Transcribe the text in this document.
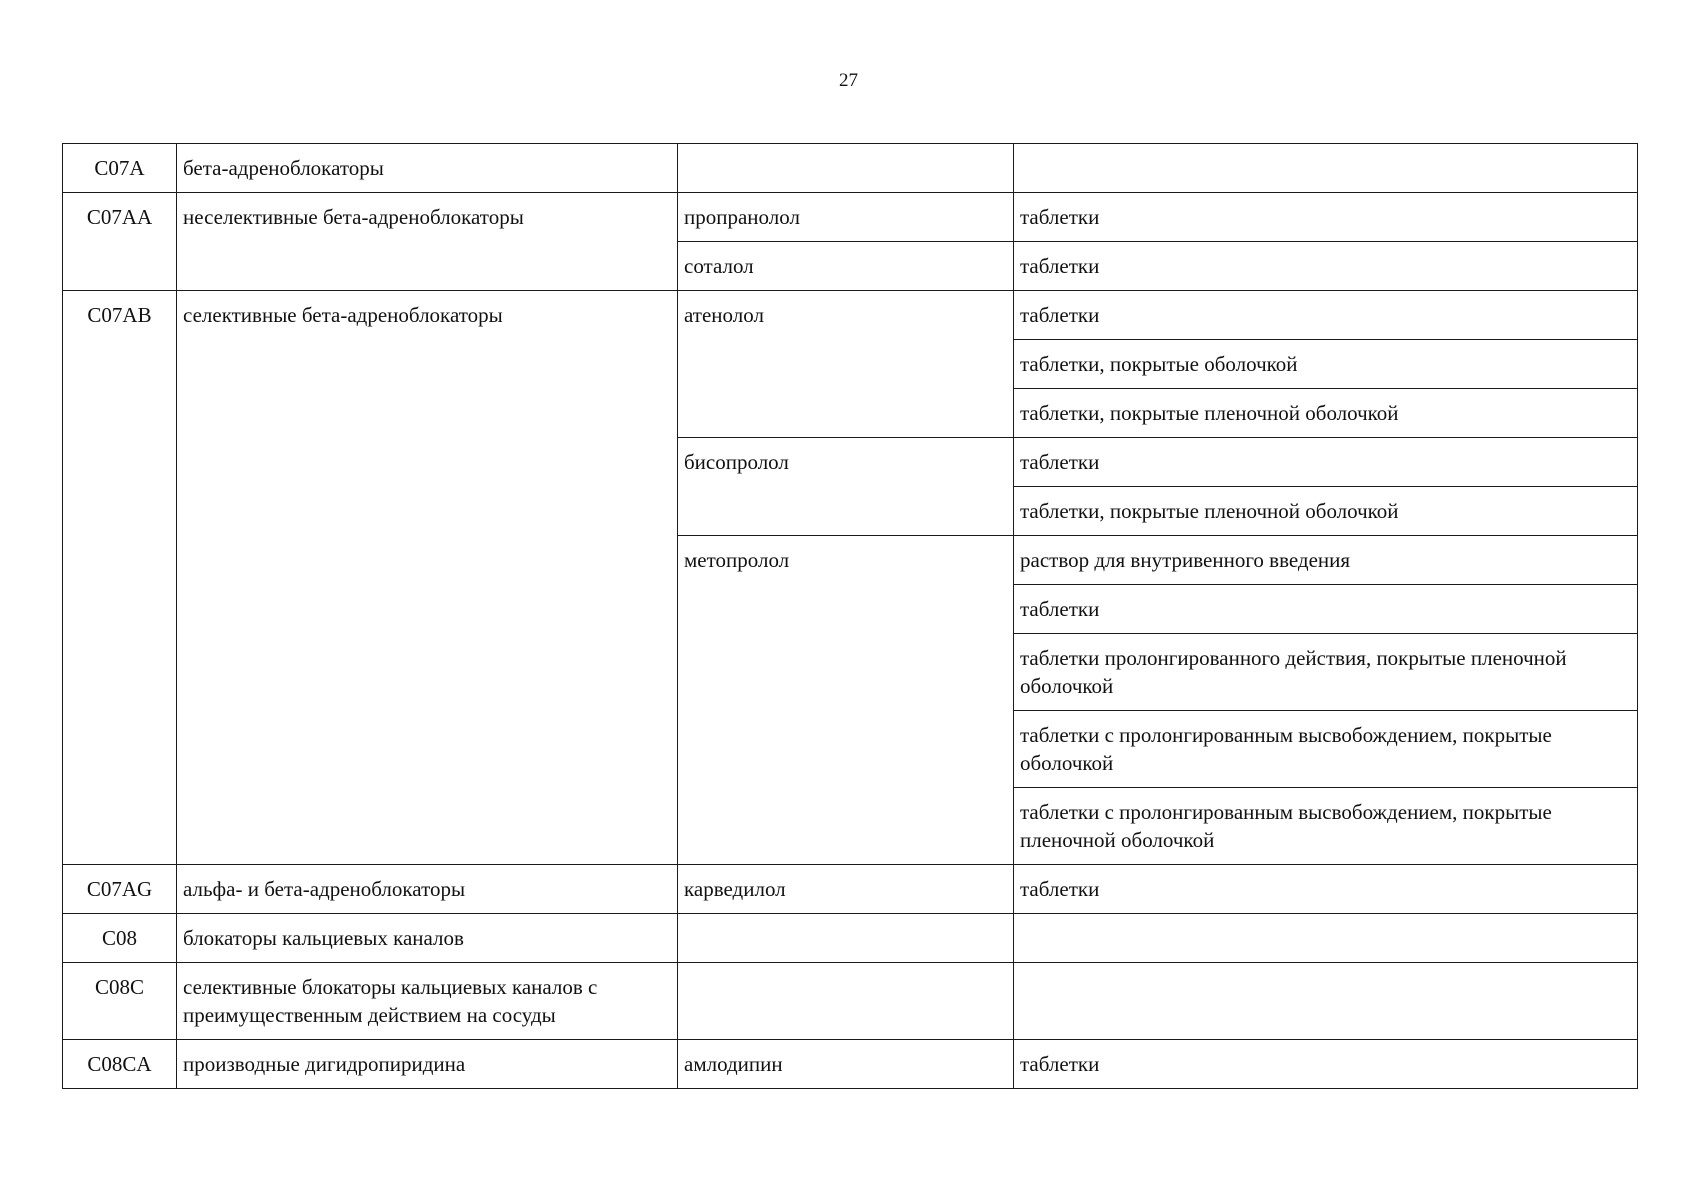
27
C07A	бета-адреноблокаторы		
C07AA	неселективные бета-адреноблокаторы	пропранолол	таблетки
		соталол	таблетки
C07AB	селективные бета-адреноблокаторы	атенолол	таблетки
			таблетки, покрытые оболочкой
			таблетки, покрытые пленочной оболочкой
		бисопролол	таблетки
			таблетки, покрытые пленочной оболочкой
		метопролол	раствор для внутривенного введения
			таблетки
			таблетки пролонгированного действия, покрытые пленочной оболочкой
			таблетки с пролонгированным высвобождением, покрытые оболочкой
			таблетки с пролонгированным высвобождением, покрытые пленочной оболочкой
C07AG	альфа- и бета-адреноблокаторы	карведилол	таблетки
C08	блокаторы кальциевых каналов		
C08C	селективные блокаторы кальциевых каналов с преимущественным действием на сосуды		
C08CA	производные дигидропиридина	амлодипин	таблетки
